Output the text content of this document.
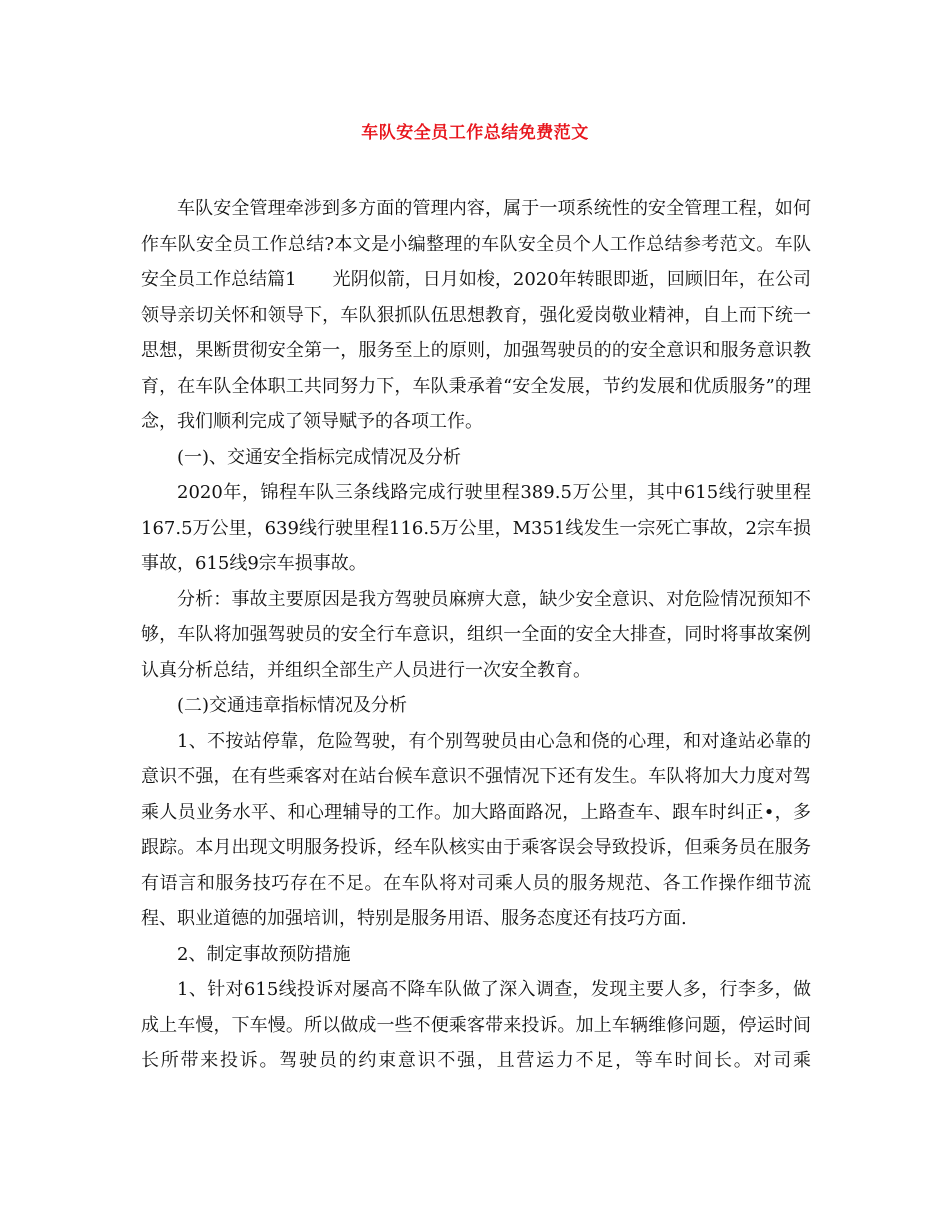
车队安全员工作总结免费范文

车队安全管理牵涉到多方面的管理内容，属于一项系统性的安全管理工程，如何作车队安全员工作总结?本文是小编整理的车队安全员个人工作总结参考范文。车队安全员工作总结篇1　　光阴似箭，日月如梭，2020年转眼即逝，回顾旧年，在公司领导亲切关怀和领导下，车队狠抓队伍思想教育，强化爱岗敬业精神，自上而下统一思想，果断贯彻安全第一，服务至上的原则，加强驾驶员的的安全意识和服务意识教育，在车队全体职工共同努力下，车队秉承着“安全发展，节约发展和优质服务”的理念，我们顺利完成了领导赋予的各项工作。

(一)、交通安全指标完成情况及分析

2020年，锦程车队三条线路完成行驶里程389.5万公里，其中615线行驶里程167.5万公里，639线行驶里程116.5万公里，M351线发生一宗死亡事故，2宗车损事故，615线9宗车损事故。

分析：事故主要原因是我方驾驶员麻痹大意，缺少安全意识、对危险情况预知不够，车队将加强驾驶员的安全行车意识，组织一全面的安全大排查，同时将事故案例认真分析总结，并组织全部生产人员进行一次安全教育。

(二)交通违章指标情况及分析

1、不按站停靠，危险驾驶，有个别驾驶员由心急和侥的心理，和对逢站必靠的意识不强，在有些乘客对在站台候车意识不强情况下还有发生。车队将加大力度对驾乘人员业务水平、和心理辅导的工作。加大路面路况，上路查车、跟车时纠正•，多跟踪。本月出现文明服务投诉，经车队核实由于乘客误会导致投诉，但乘务员在服务有语言和服务技巧存在不足。在车队将对司乘人员的服务规范、各工作操作细节流程、职业道德的加强培训，特别是服务用语、服务态度还有技巧方面.

2、制定事故预防措施

1、针对615线投诉对屡高不降车队做了深入调查，发现主要人多，行李多，做成上车慢，下车慢。所以做成一些不便乘客带来投诉。加上车辆维修问题，停运时间长所带来投诉。驾驶员的约束意识不强，且营运力不足，等车时间长。对司乘
